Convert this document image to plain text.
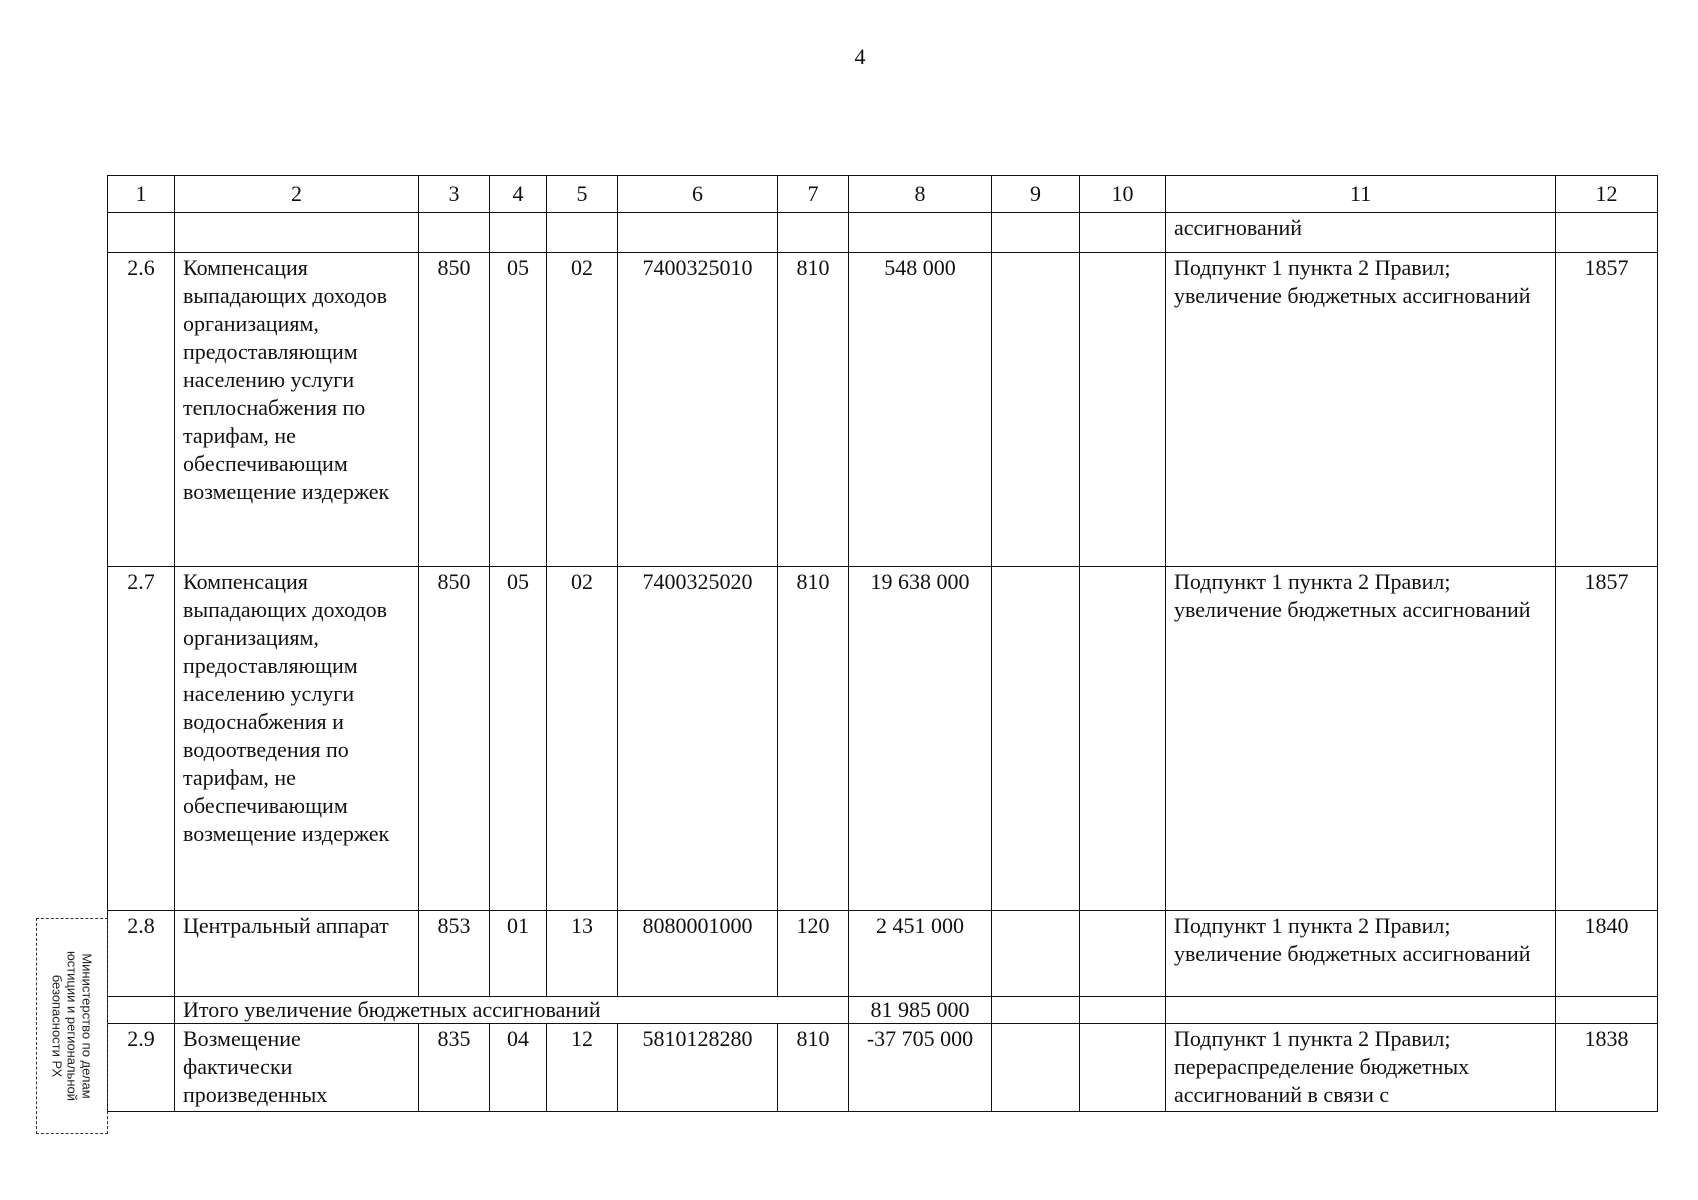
4
1	2	3	4	5	6	7	8	9	10	11	12
										ассигнований	
2.6	Компенсация выпадающих доходов организациям, предоставляющим населению услуги теплоснабжения по тарифам, не обеспечивающим возмещение издержек	850	05	02	7400325010	810	548 000			Подпункт 1 пункта 2 Правил; увеличение бюджетных ассигнований	1857
2.7	Компенсация выпадающих доходов организациям, предоставляющим населению услуги водоснабжения и водоотведения по тарифам, не обеспечивающим возмещение издержек	850	05	02	7400325020	810	19 638 000			Подпункт 1 пункта 2 Правил; увеличение бюджетных ассигнований	1857
2.8	Центральный аппарат	853	01	13	8080001000	120	2 451 000			Подпункт 1 пункта 2 Правил; увеличение бюджетных ассигнований	1840
	Итого увеличение бюджетных ассигнований						81 985 000				
2.9	Возмещение фактически произведенных	835	04	12	5810128280	810	-37 705 000			Подпункт 1 пункта 2 Правил; перераспределение бюджетных ассигнований в связи с	1838
Министерство по делам
юстиции и региональной
безопасности РХ
